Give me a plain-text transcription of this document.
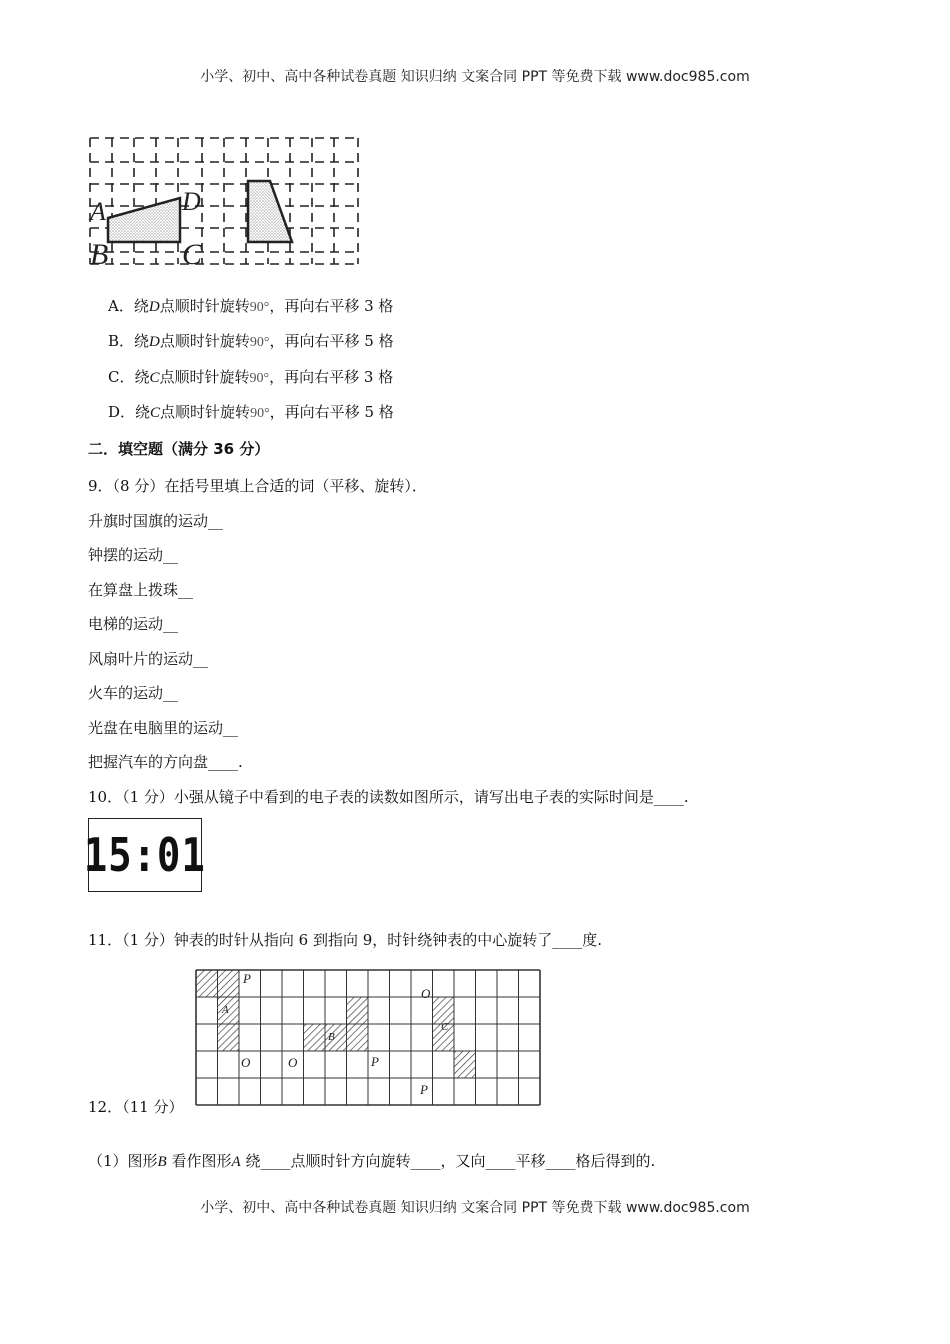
小学、初中、高中各种试卷真题 知识归纳 文案合同 PPT 等免费下载 www.doc985.com
A	D
B C
A．绕D点顺时针旋转90°，再向右平移 3 格
B．绕D点顺时针旋转90°，再向右平移 5 格
C．绕C点顺时针旋转90°，再向右平移 3 格
D．绕C点顺时针旋转90°，再向右平移 5 格
二．填空题（满分 36 分）
9．（8 分）在括号里填上合适的词（平移、旋转）．
升旗时国旗的运动__
钟摆的运动__
在算盘上拨珠__
电梯的运动__
风扇叶片的运动__
火车的运动__
光盘在电脑里的运动__
把握汽车的方向盘____.
10．（1 分）小强从镜子中看到的电子表的读数如图所示，请写出电子表的实际时间是____.
15:01
11．（1 分）钟表的时针从指向 6 到指向 9，时针绕钟表的中心旋转了____度.
P
A
O	O
B
P
O
C
P
12．（11 分）
（1）图形B 看作图形A 绕____点顺时针方向旋转____，又向____平移____格后得到的.
小学、初中、高中各种试卷真题 知识归纳 文案合同 PPT 等免费下载 www.doc985.com
